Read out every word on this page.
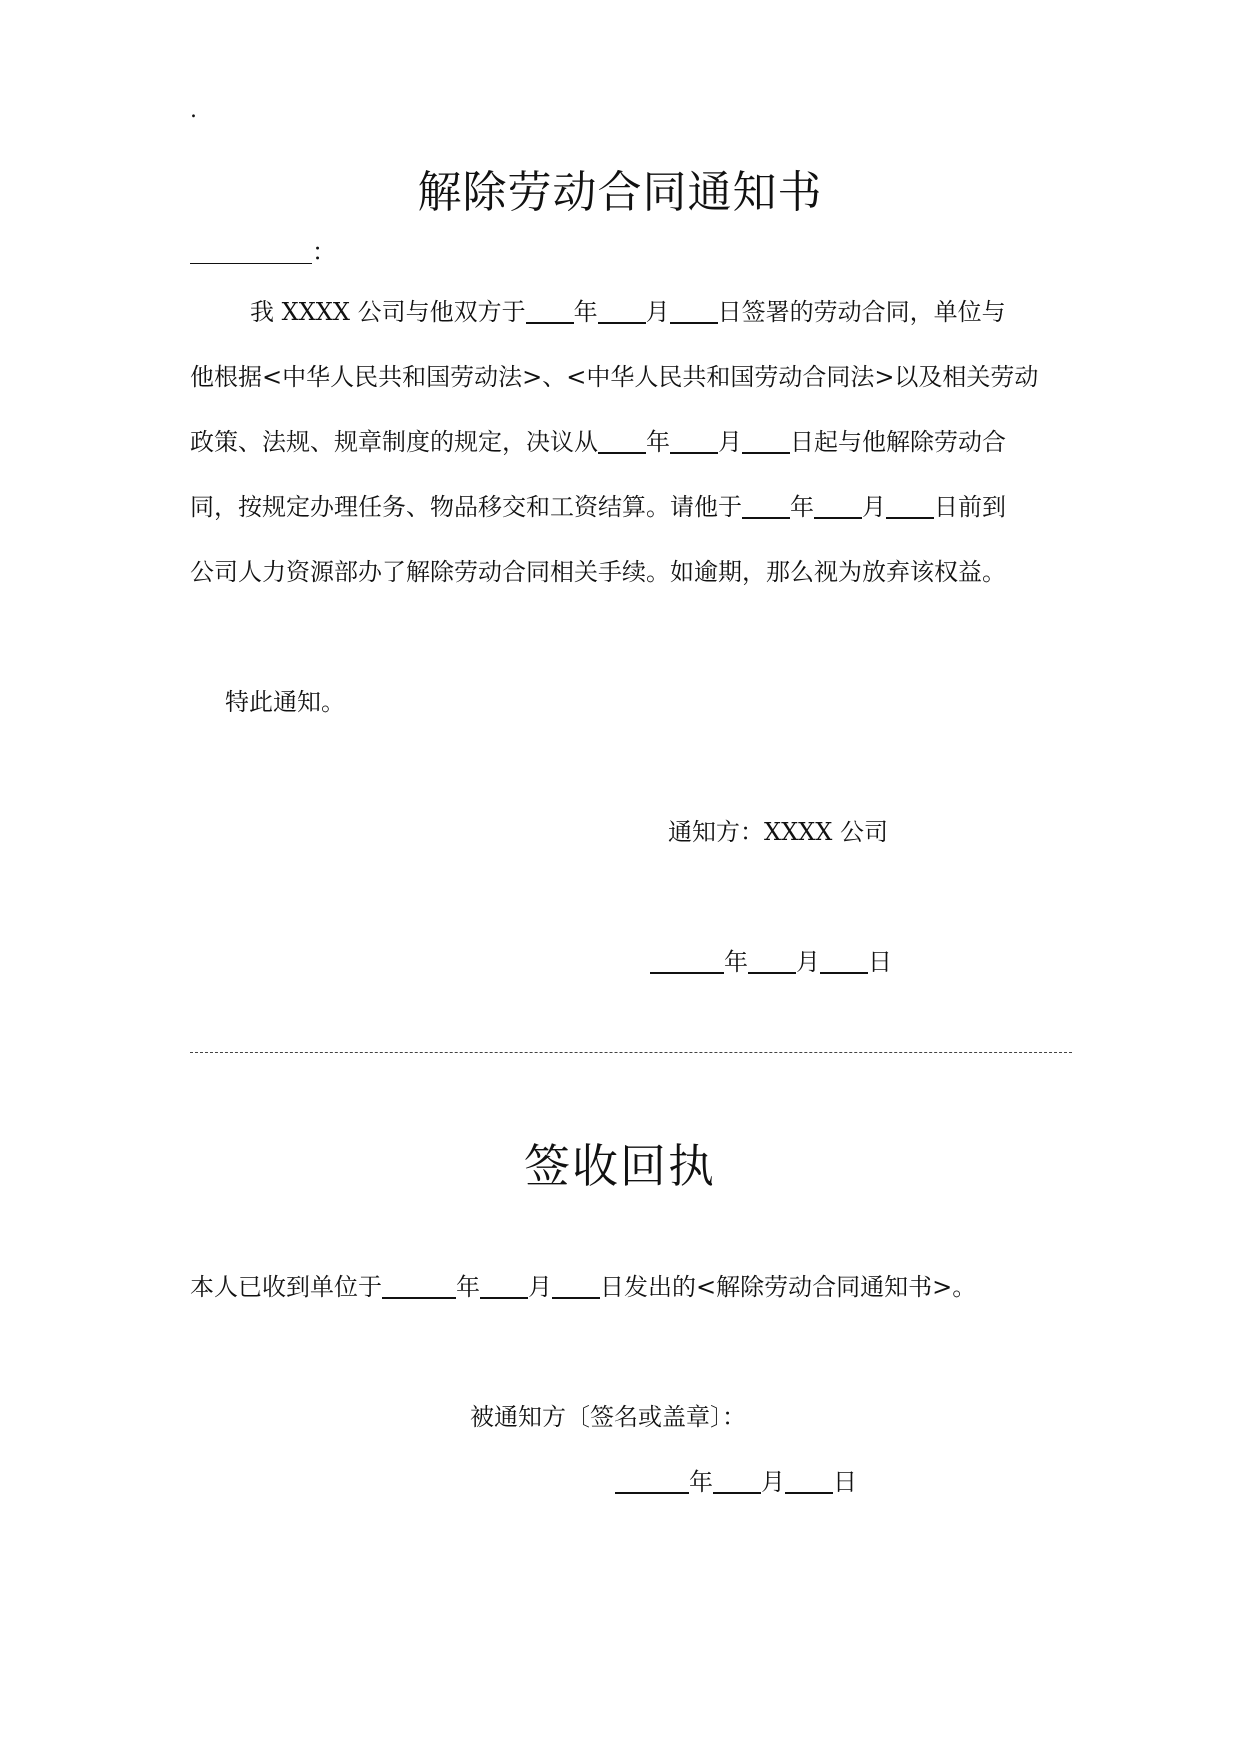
.
解除劳动合同通知书
：
我 XXXX 公司与他双方于 年 月 日签署的劳动合同，单位与
他根据<中华人民共和国劳动法>、<中华人民共和国劳动合同法>以及相关劳动
政策、法规、规章制度的规定，决议从 年 月 日起与他解除劳动合
同，按规定办理任务、物品移交和工资结算。请他于 年 月 日前到
公司人力资源部办了解除劳动合同相关手续。如逾期，那么视为放弃该权益。
特此通知。
通知方：XXXX 公司
年 月 日
签收回执
本人已收到单位于	年 月 日发出的<解除劳动合同通知书>。
被通知方〔签名或盖章〕：
年 月 日
